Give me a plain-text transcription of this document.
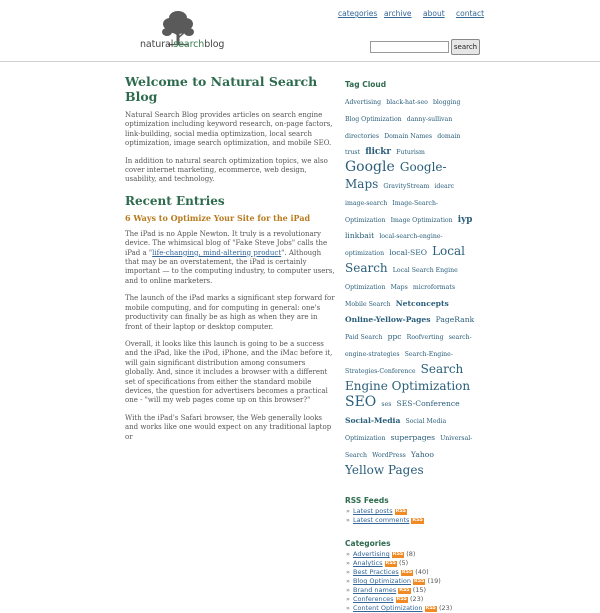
naturalsearchblog
categories archive about contact
search
Welcome to Natural Search Blog

Natural Search Blog provides articles on search engine optimization including keyword research, on-page factors, link-building, social media optimization, local search optimization, image search optimization, and mobile SEO.

In addition to natural search optimization topics, we also cover internet marketing, ecommerce, web design, usability, and technology.

Recent Entries
6 Ways to Optimize Your Site for the iPad

The iPad is no Apple Newton. It truly is a revolutionary device. The whimsical blog of "Fake Steve Jobs" calls the iPad a "life-changing, mind-altering product". Although that may be an overstatement, the iPad is certainly important — to the computing industry, to computer users, and to online marketers.

The launch of the iPad marks a significant step forward for mobile computing, and for computing in general: one's productivity can finally be as high as when they are in front of their laptop or desktop computer.

Overall, it looks like this launch is going to be a success and the iPad, like the iPod, iPhone, and the iMac before it, will gain significant distribution among consumers globally. And, since it includes a browser with a different set of specifications from either the standard mobile devices, the question for advertisers becomes a practical one - "will my web pages come up on this browser?"

With the iPad's Safari browser, the Web generally looks and works like one would expect on any traditional laptop or

Tag Cloud
Advertising black-hat-seo blogging Blog Optimization danny-sullivan directories Domain Names domain trust flickr Futurism Google Google-Maps GravityStream idearc image-search Image-Search-Optimization Image Optimization iyp linkbait local-search-engine-optimization local-SEO Local Search Local Search Engine Optimization Maps microformats Mobile Search Netconcepts Online-Yellow-Pages PageRank Paid Search ppc Roofverting search-engine-strategies Search-Engine-Strategies-Conference Search Engine Optimization SEO ses SES-Conference Social-Media Social Media Optimization superpages Universal-Search WordPress Yahoo Yellow Pages
RSS Feeds
» Latest posts RSS
» Latest comments RSS
Categories
» Advertising RSS (8)
» Analytics RSS (5)
» Best Practices RSS (40)
» Blog Optimization RSS (19)
» Brand names RSS (15)
» Conferences RSS (23)
» Content Optimization RSS (23)
